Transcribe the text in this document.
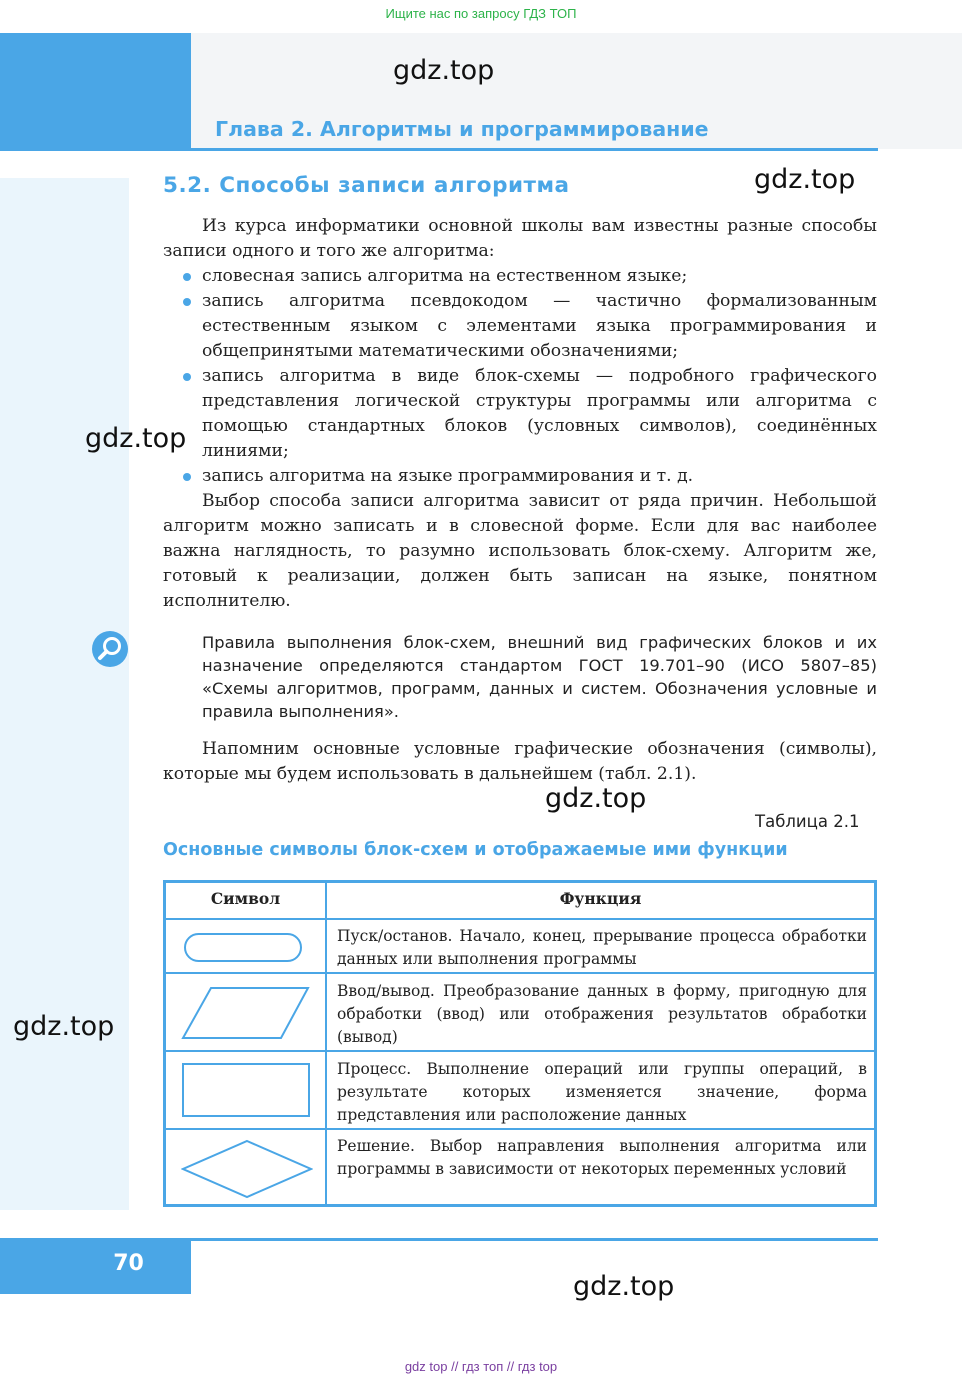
Ищите нас по запросу ГДЗ ТОП
gdz.top
Глава 2. Алгоритмы и программирование
5.2. Способы записи алгоритма	gdz.top

Из курса информатики основной школы вам известны разные способы записи одного и того же алгоритма:

словесная запись алгоритма на естественном языке;
запись алгоритма псевдокодом — частично формализованным естественным языком с элементами языка программирования и общепринятыми математическими обозначениями;
запись алгоритма в виде блок-схемы — подробного графического представления логической структуры программы или алгоритма с помощью стандартных блоков (условных символов), соединённых линиями;
запись алгоритма на языке программирования и т. д.

Выбор способа записи алгоритма зависит от ряда причин. Небольшой алгоритм можно записать и в словесной форме. Если для вас наиболее важна наглядность, то разумно использовать блок-схему. Алгоритм же, готовый к реализации, должен быть записан на языке, понятном исполнителю.

gdz.top
Правила выполнения блок-схем, внешний вид графических блоков и их назначение определяются стандартом ГОСТ 19.701–90 (ИСО 5807–85) «Схемы алгоритмов, программ, данных и систем. Обозначения условные и правила выполнения».
Напомним основные условные графические обозначения (символы), которые мы будем использовать в дальнейшем (табл. 2.1).
gdz.top
Таблица 2.1
Основные символы блок-схем и отображаемые ими функции
Символ	Функция
Пуск/останов. Начало, конец, прерывание процесса обработки данных или выполнения программы
Ввод/вывод. Преобразование данных в форму, пригодную для обработки (ввод) или отображения результатов обработки (вывод)
Процесс. Выполнение операций или группы операций, в результате которых изменяется значение, форма представления или расположение данных
Решение. Выбор направления выполнения алгоритма или программы в зависимости от некоторых переменных условий
gdz.top
70
gdz.top
gdz top // гдз топ // гдз top
